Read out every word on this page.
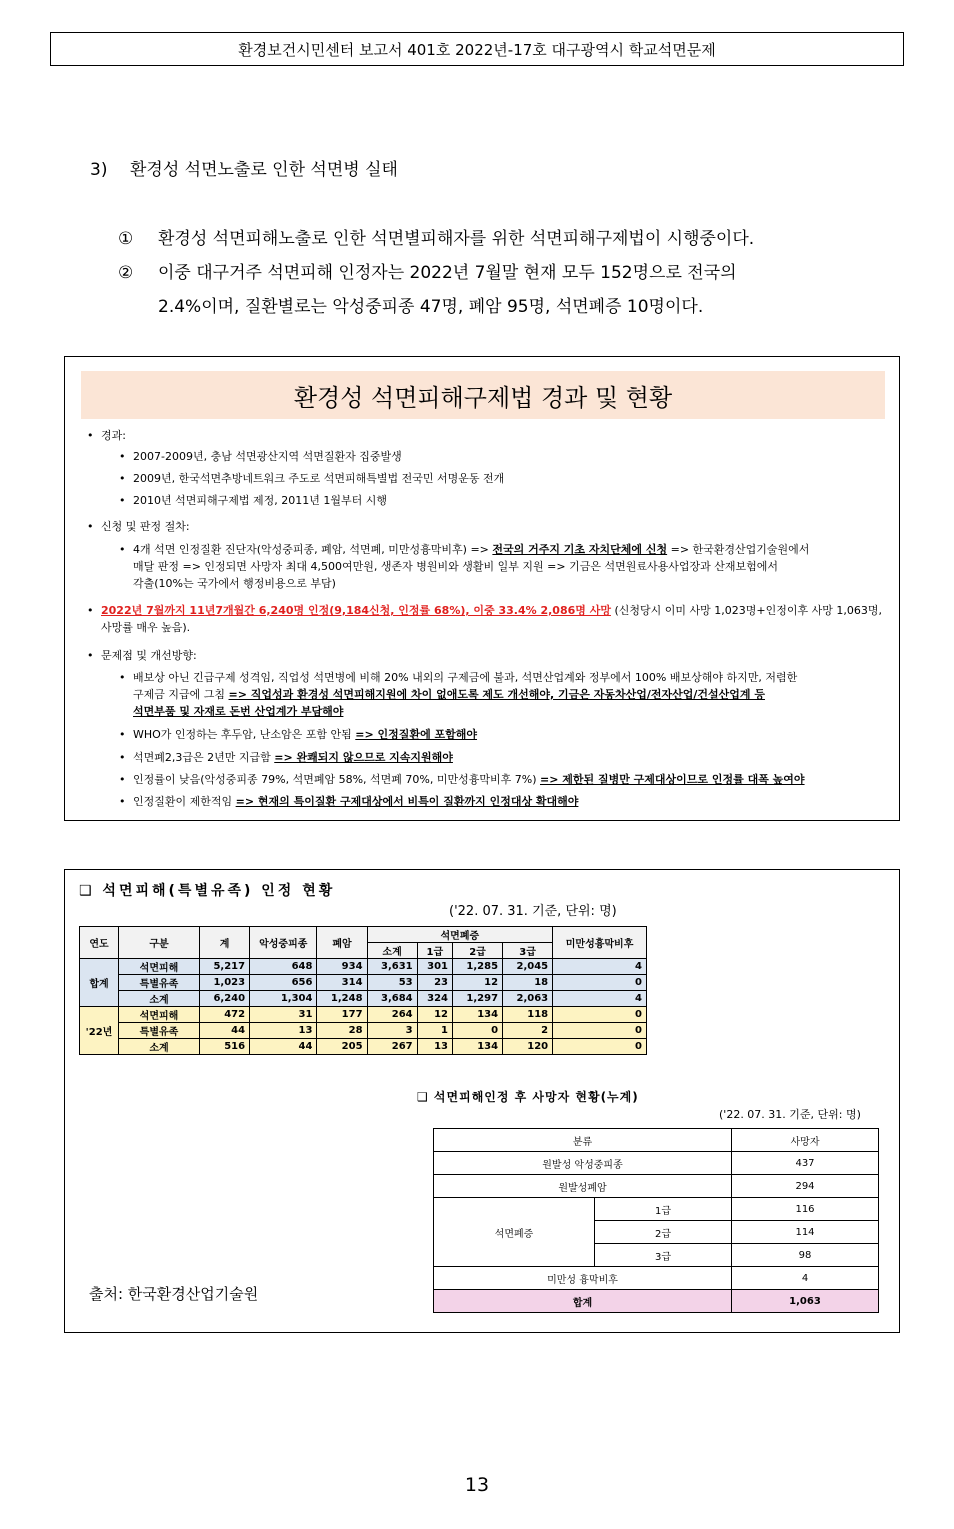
환경보건시민센터 보고서 401호 2022년-17호 대구광역시 학교석면문제
3) 환경성 석면노출로 인한 석면병 실태
① 환경성 석면피해노출로 인한 석면별피해자를 위한 석면피해구제법이 시행중이다.
② 이중 대구거주 석면피해 인정자는 2022년 7월말 현재 모두 152명으로 전국의
2.4%이며, 질환별로는 악성중피종 47명, 폐암 95명, 석면폐증 10명이다.
환경성 석면피해구제법 경과 및 현황
• 경과:
• 2007-2009년, 충남 석면광산지역 석면질환자 집중발생
• 2009년, 한국석면추방네트워크 주도로 석면피해특별법 전국민 서명운동 전개
• 2010년 석면피해구제법 제정, 2011년 1월부터 시행
• 신청 및 판정 절차:
• 4개 석면 인정질환 진단자(악성중피종, 폐암, 석면폐, 미만성흉막비후) => 전국의 거주지 기초 자치단체에 신청 => 한국환경산업기술원에서
매달 판정 => 인정되면 사망자 최대 4,500여만원, 생존자 병원비와 생활비 일부 지원 => 기금은 석면원료사용사업장과 산재보험에서
각출(10%는 국가에서 행정비용으로 부담)
• 2022년 7월까지 11년7개월간 6,240명 인정(9,184신청, 인정률 68%), 이중 33.4% 2,086명 사망 (신청당시 이미 사망 1,023명+인정이후 사망 1,063명,
사망률 매우 높음).
• 문제점 및 개선방향:
• 배보상 아닌 긴급구제 성격임, 직업성 석면병에 비해 20% 내외의 구제금에 불과, 석면산업계와 정부에서 100% 배보상해야 하지만, 저렴한
구제금 지급에 그침 => 직업성과 환경성 석면피해지원에 차이 없애도록 제도 개선해야, 기금은 자동차산업/전자산업/건설산업계 등
석면부품 및 자재로 돈번 산업계가 부담해야
• WHO가 인정하는 후두암, 난소암은 포함 안됨 => 인정질환에 포함해야
• 석면폐2,3급은 2년만 지급함 => 완쾌되지 않으므로 지속지원해야
• 인정률이 낮음(악성중피종 79%, 석면폐암 58%, 석면폐 70%, 미만성흉막비후 7%) => 제한된 질병만 구제대상이므로 인정률 대폭 높여야
• 인정질환이 제한적임 => 현재의 특이질환 구제대상에서 비특이 질환까지 인정대상 확대해야
❑ 석면피해(특별유족) 인정 현황
('22. 07. 31. 기준, 단위: 명)
연도	구분	계	악성중피종	폐암	석면폐증				미만성흉막비후
					소계	1급	2급	3급	
합계	석면피해	5,217	648	934	3,631	301	1,285	2,045	4
	특별유족	1,023	656	314	53	23	12	18	0
	소계	6,240	1,304	1,248	3,684	324	1,297	2,063	4
'22년	석면피해	472	31	177	264	12	134	118	0
	특별유족	44	13	28	3	1	0	2	0
	소계	516	44	205	267	13	134	120	0
❑ 석면피해인정 후 사망자 현황(누계)
('22. 07. 31. 기준, 단위: 명)
분류		사망자
원발성 악성중피종		437
원발성폐암		294
석면폐증	1급	116
	2급	114
	3급	98
미만성 흉막비후		4
합계		1,063
출처: 한국환경산업기술원
13
